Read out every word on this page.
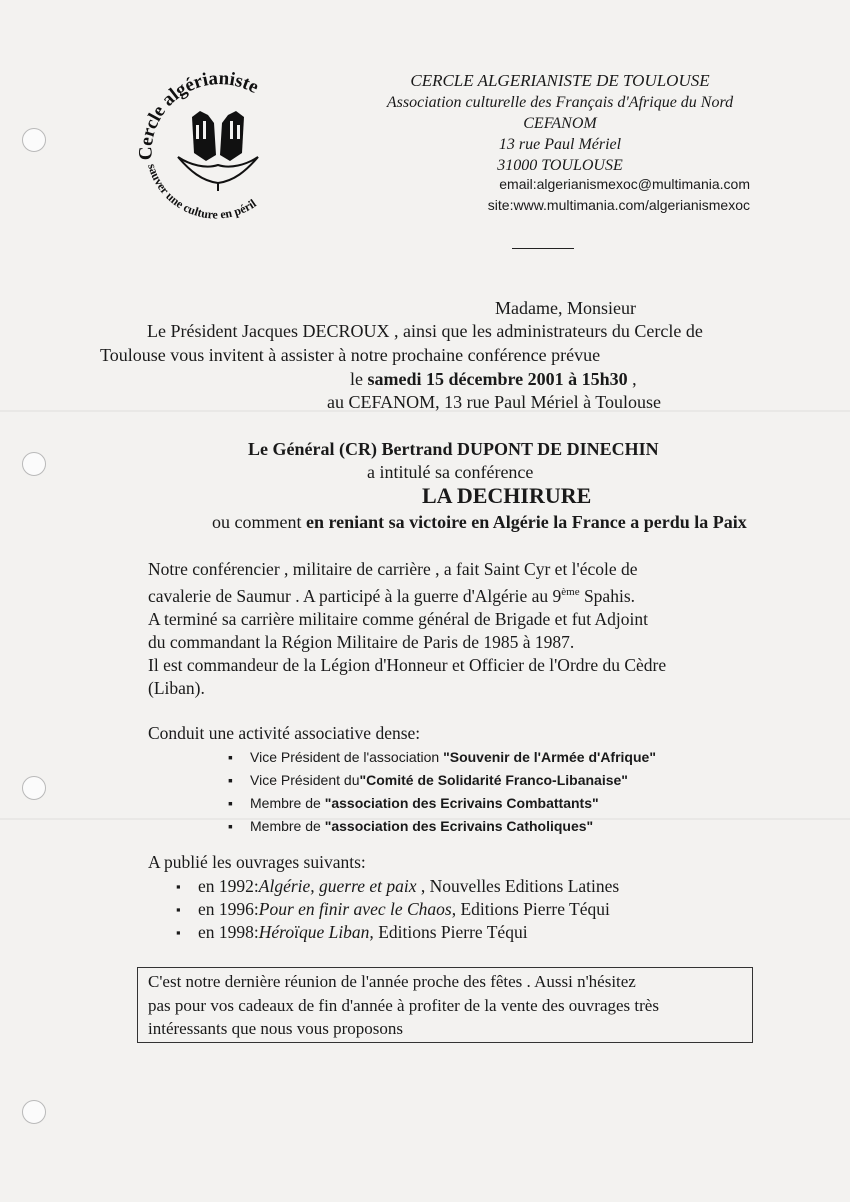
Cercle algérianiste
sauver une culture en péril
CERCLE ALGERIANISTE DE TOULOUSE
Association culturelle des Français d'Afrique du Nord
CEFANOM
13 rue Paul Mériel
31000 TOULOUSE
email:algerianismexoc@multimania.com
site:www.multimania.com/algerianismexoc
Madame, Monsieur
Le Président Jacques DECROUX , ainsi que les administrateurs du Cercle de
Toulouse vous invitent à assister à notre prochaine conférence prévue
le samedi 15 décembre 2001 à 15h30 ,
au CEFANOM, 13 rue Paul Mériel à Toulouse
Le Général (CR) Bertrand DUPONT DE DINECHIN
a intitulé sa conférence
LA DECHIRURE
ou comment en reniant sa victoire en Algérie la France a perdu la Paix
Notre conférencier , militaire de carrière , a fait Saint Cyr et l'école de
cavalerie de Saumur . A participé à la guerre d'Algérie au 9ème Spahis.
A terminé sa carrière militaire comme général de Brigade et fut Adjoint
du commandant la Région Militaire de Paris de 1985 à 1987.
Il est commandeur de la Légion d'Honneur et Officier de l'Ordre du Cèdre
(Liban).
Conduit une activité associative dense:
▪ Vice Président de l'association "Souvenir de l'Armée d'Afrique"
▪ Vice Président du"Comité de Solidarité Franco-Libanaise"
▪ Membre de "association des Ecrivains Combattants"
▪ Membre de "association des Ecrivains Catholiques"
A publié les ouvrages suivants:
▪ en 1992:Algérie, guerre et paix , Nouvelles Editions Latines
▪ en 1996:Pour en finir avec le Chaos, Editions Pierre Téqui
▪ en 1998:Héroïque Liban, Editions Pierre Téqui
C'est notre dernière réunion de l'année proche des fêtes . Aussi n'hésitez
pas pour vos cadeaux de fin d'année à profiter de la vente des ouvrages très
intéressants que nous vous proposons
